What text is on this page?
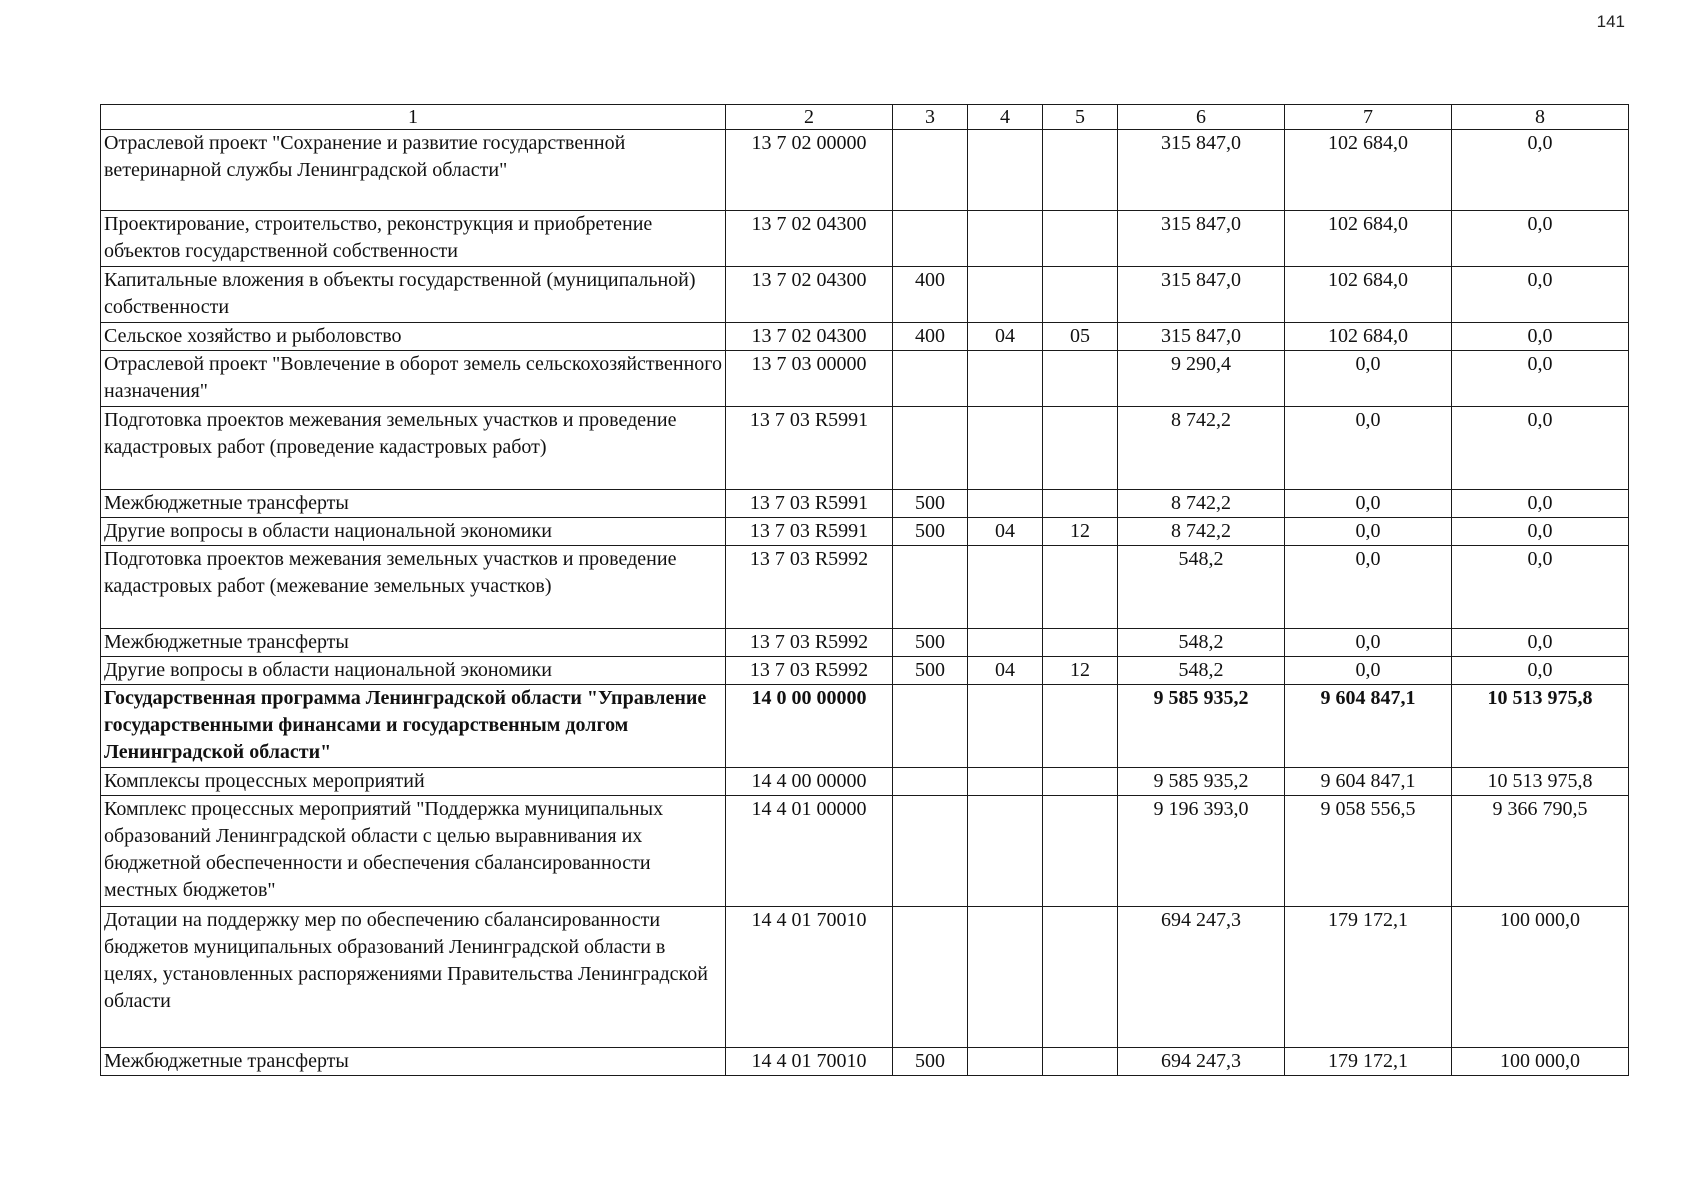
141
1	2	3	4	5	6	7	8
Отраслевой проект "Сохранение и развитие государственной ветеринарной службы Ленинградской области"	13 7 02 00000				315 847,0	102 684,0	0,0
Проектирование, строительство, реконструкция и приобретение объектов государственной собственности	13 7 02 04300				315 847,0	102 684,0	0,0
Капитальные вложения в объекты государственной (муниципальной) собственности	13 7 02 04300	400			315 847,0	102 684,0	0,0
Сельское хозяйство и рыболовство	13 7 02 04300	400	04	05	315 847,0	102 684,0	0,0
Отраслевой проект "Вовлечение в оборот земель сельскохозяйственного назначения"	13 7 03 00000				9 290,4	0,0	0,0
Подготовка проектов межевания земельных участков и проведение кадастровых работ (проведение кадастровых работ)	13 7 03 R5991				8 742,2	0,0	0,0
Межбюджетные трансферты	13 7 03 R5991	500			8 742,2	0,0	0,0
Другие вопросы в области национальной экономики	13 7 03 R5991	500	04	12	8 742,2	0,0	0,0
Подготовка проектов межевания земельных участков и проведение кадастровых работ (межевание земельных участков)	13 7 03 R5992				548,2	0,0	0,0
Межбюджетные трансферты	13 7 03 R5992	500			548,2	0,0	0,0
Другие вопросы в области национальной экономики	13 7 03 R5992	500	04	12	548,2	0,0	0,0
Государственная программа Ленинградской области "Управление государственными финансами и государственным долгом Ленинградской области"	14 0 00 00000				9 585 935,2	9 604 847,1	10 513 975,8
Комплексы процессных мероприятий	14 4 00 00000				9 585 935,2	9 604 847,1	10 513 975,8
Комплекс процессных мероприятий "Поддержка муниципальных образований Ленинградской области с целью выравнивания их бюджетной обеспеченности и обеспечения сбалансированности местных бюджетов"	14 4 01 00000				9 196 393,0	9 058 556,5	9 366 790,5
Дотации на поддержку мер по обеспечению сбалансированности бюджетов муниципальных образований Ленинградской области в целях, установленных распоряжениями Правительства Ленинградской области	14 4 01 70010				694 247,3	179 172,1	100 000,0
Межбюджетные трансферты	14 4 01 70010	500			694 247,3	179 172,1	100 000,0
